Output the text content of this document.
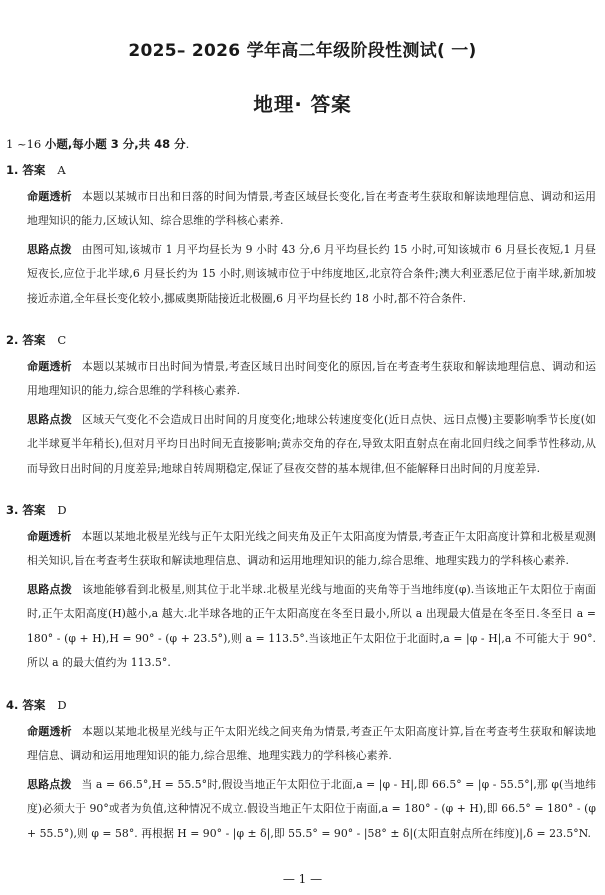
2025– 2026 学年高二年级阶段性测试( 一)
地理· 答案
1 ~16 小题,每小题 3 分,共 48 分.
1. 答案 A

命题透析 本题以某城市日出和日落的时间为情景,考查区域昼长变化,旨在考查考生获取和解读地理信息、调动和运用地理知识的能力,区域认知、综合思维的学科核心素养.

思路点拨 由图可知,该城市 1 月平均昼长为 9 小时 43 分,6 月平均昼长约 15 小时,可知该城市 6 月昼长夜短,1 月昼短夜长,应位于北半球,6 月昼长约为 15 小时,则该城市位于中纬度地区,北京符合条件;澳大利亚悉尼位于南半球,新加坡接近赤道,全年昼长变化较小,挪威奥斯陆接近北极圈,6 月平均昼长约 18 小时,都不符合条件.

2. 答案 C

命题透析 本题以某城市日出时间为情景,考查区域日出时间变化的原因,旨在考查考生获取和解读地理信息、调动和运用地理知识的能力,综合思维的学科核心素养.

思路点拨 区域天气变化不会造成日出时间的月度变化;地球公转速度变化(近日点快、远日点慢)主要影响季节长度(如北半球夏半年稍长),但对月平均日出时间无直接影响;黄赤交角的存在,导致太阳直射点在南北回归线之间季节性移动,从而导致日出时间的月度差异;地球自转周期稳定,保证了昼夜交替的基本规律,但不能解释日出时间的月度差异.

3. 答案 D

命题透析 本题以某地北极星光线与正午太阳光线之间夹角及正午太阳高度为情景,考查正午太阳高度计算和北极星观测相关知识,旨在考查考生获取和解读地理信息、调动和运用地理知识的能力,综合思维、地理实践力的学科核心素养.

思路点拨 该地能够看到北极星,则其位于北半球.北极星光线与地面的夹角等于当地纬度(φ).当该地正午太阳位于南面时,正午太阳高度(H)越小,a 越大.北半球各地的正午太阳高度在冬至日最小,所以 a 出现最大值是在冬至日.冬至日 a = 180° - (φ + H),H = 90° - (φ + 23.5°),则 a = 113.5°.当该地正午太阳位于北面时,a = |φ - H|,a 不可能大于 90°.所以 a 的最大值约为 113.5°.

4. 答案 D

命题透析 本题以某地北极星光线与正午太阳光线之间夹角为情景,考查正午太阳高度计算,旨在考查考生获取和解读地理信息、调动和运用地理知识的能力,综合思维、地理实践力的学科核心素养.

思路点拨 当 a = 66.5°,H = 55.5°时,假设当地正午太阳位于北面,a = |φ - H|,即 66.5° = |φ - 55.5°|,那 φ(当地纬度)必须大于 90°或者为负值,这种情况不成立.假设当地正午太阳位于南面,a = 180° - (φ + H),即 66.5° = 180° - (φ + 55.5°),则 φ = 58°. 再根据 H = 90° - |φ ± δ|,即 55.5° = 90° - |58° ± δ|(太阳直射点所在纬度)|,δ = 23.5°N.

— 1 —
